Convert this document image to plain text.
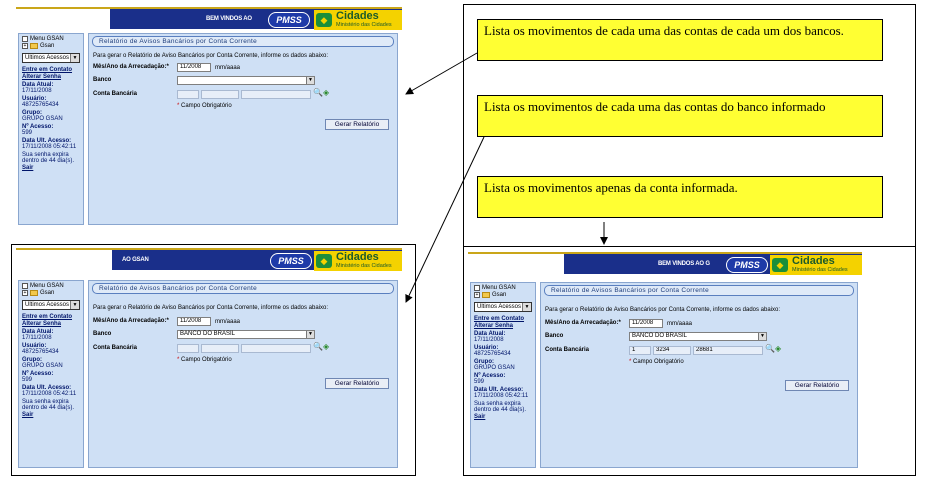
BEM VINDOS AO	PMSS	◆ Cidades
Ministério das Cidades
Menu GSAN
+ Gsan
Ultimos Acessos ▼
Entre em Contato
Alterar Senha
Data Atual:
17/11/2008
Usuário:
48725765434
Grupo:
GRUPO GSAN
Nº Acesso:
599
Data Ult. Acesso:
17/11/2008 05:42:11
Sua senha expira
dentro de 44 dia(s).
Sair
Relatório de Avisos Bancários por Conta Corrente
Para gerar o Relatório de Aviso Bancários por Conta Corrente, informe os dados abaixo:
Mês/Ano da Arrecadação:*	11/2008	mm/aaaa
Banco	▼
Conta Bancária	🔍 ◈
* Campo Obrigatório
Gerar Relatório
AO GSAN	PMSS	◆ Cidades
Ministério das Cidades
Menu GSAN
+ Gsan
Ultimos Acessos ▼
Entre em Contato
Alterar Senha
Data Atual:
17/11/2008
Usuário:
48725765434
Grupo:
GRUPO GSAN
Nº Acesso:
599
Data Ult. Acesso:
17/11/2008 05:42:11
Sua senha expira
dentro de 44 dia(s).
Sair
Relatório de Avisos Bancários por Conta Corrente
Para gerar o Relatório de Aviso Bancários por Conta Corrente, informe os dados abaixo:
Mês/Ano da Arrecadação:*	11/2008	mm/aaaa
Banco	BANCO DO BRASIL	▼
Conta Bancária	🔍 ◈
* Campo Obrigatório
Gerar Relatório
BEM VINDOS AO G	PMSS	◆ Cidades
Ministério das Cidades
Menu GSAN
+ Gsan
Ultimos Acessos ▼
Entre em Contato
Alterar Senha
Data Atual:
17/11/2008
Usuário:
48725765434
Grupo:
GRUPO GSAN
Nº Acesso:
599
Data Ult. Acesso:
17/11/2008 05:42:11
Sua senha expira
dentro de 44 dia(s).
Sair
Relatório de Avisos Bancários por Conta Corrente
Para gerar o Relatório de Aviso Bancários por Conta Corrente, informe os dados abaixo:
Mês/Ano da Arrecadação:*	11/2008	mm/aaaa
Banco	BANCO DO BRASIL	▼
Conta Bancária	1	3234	28681	🔍 ◈
* Campo Obrigatório
Gerar Relatório
Lista os movimentos de cada uma das contas de cada um dos bancos.
Lista os movimentos de cada uma das contas do banco informado
Lista os movimentos apenas da conta informada.
